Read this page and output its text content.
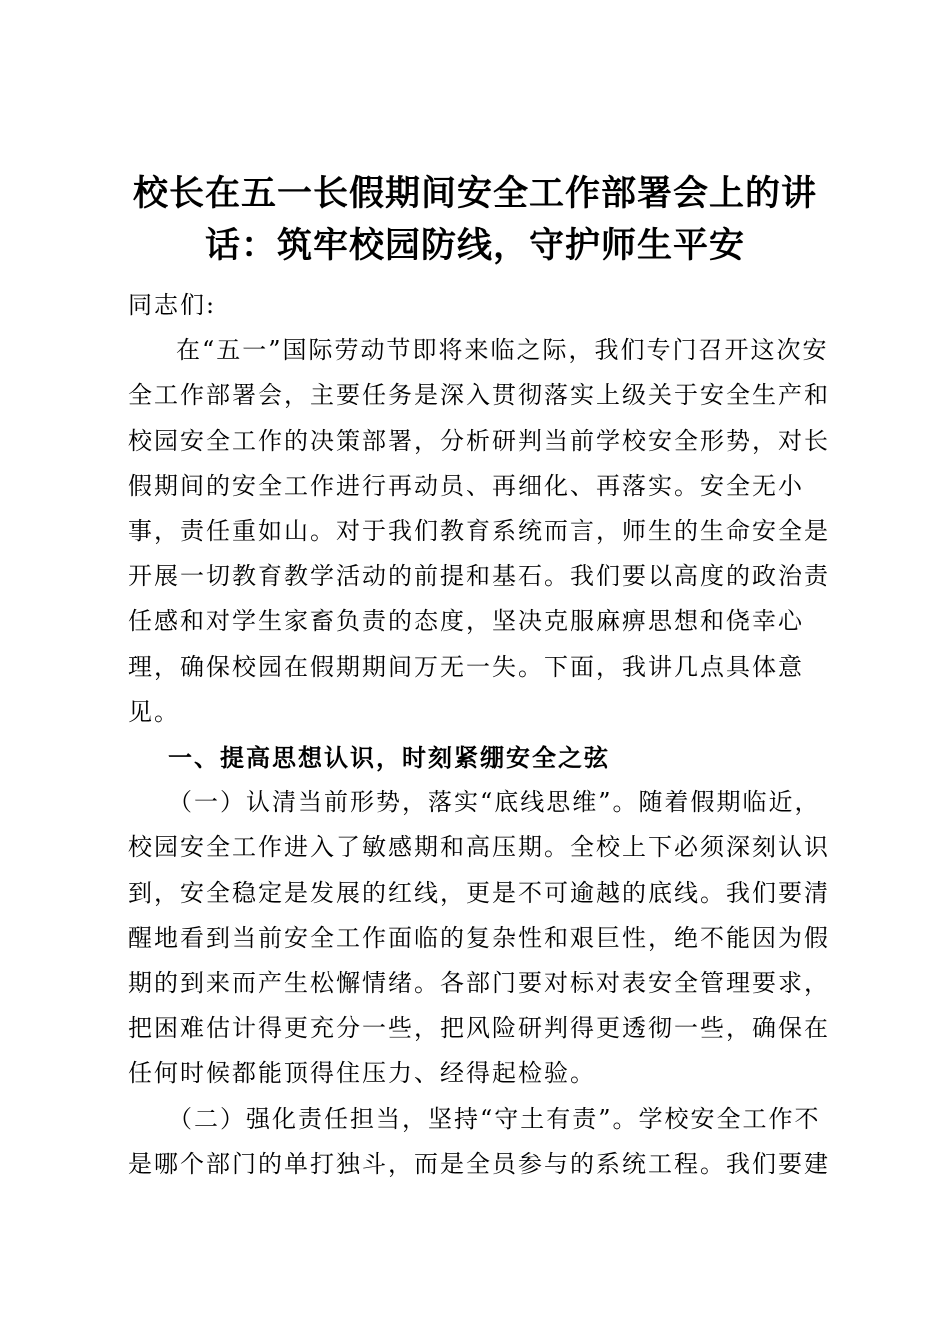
校长在五一长假期间安全工作部署会上的讲话：筑牢校园防线，守护师生平安

同志们:

在“五一”国际劳动节即将来临之际，我们专门召开这次安全工作部署会，主要任务是深入贯彻落实上级关于安全生产和校园安全工作的决策部署，分析研判当前学校安全形势，对长假期间的安全工作进行再动员、再细化、再落实。安全无小事，责任重如山。对于我们教育系统而言，师生的生命安全是开展一切教育教学活动的前提和基石。我们要以高度的政治责任感和对学生家畜负责的态度，坚决克服麻痹思想和侥幸心理，确保校园在假期期间万无一失。下面，我讲几点具体意见。

一、提高思想认识，时刻紧绷安全之弦

（一）认清当前形势，落实“底线思维”。随着假期临近，校园安全工作进入了敏感期和高压期。全校上下必须深刻认识到，安全稳定是发展的红线，更是不可逾越的底线。我们要清醒地看到当前安全工作面临的复杂性和艰巨性，绝不能因为假期的到来而产生松懈情绪。各部门要对标对表安全管理要求，把困难估计得更充分一些，把风险研判得更透彻一些，确保在任何时候都能顶得住压力、经得起检验。

（二）强化责任担当，坚持“守土有责”。学校安全工作不是哪个部门的单打独斗，而是全员参与的系统工程。我们要建
